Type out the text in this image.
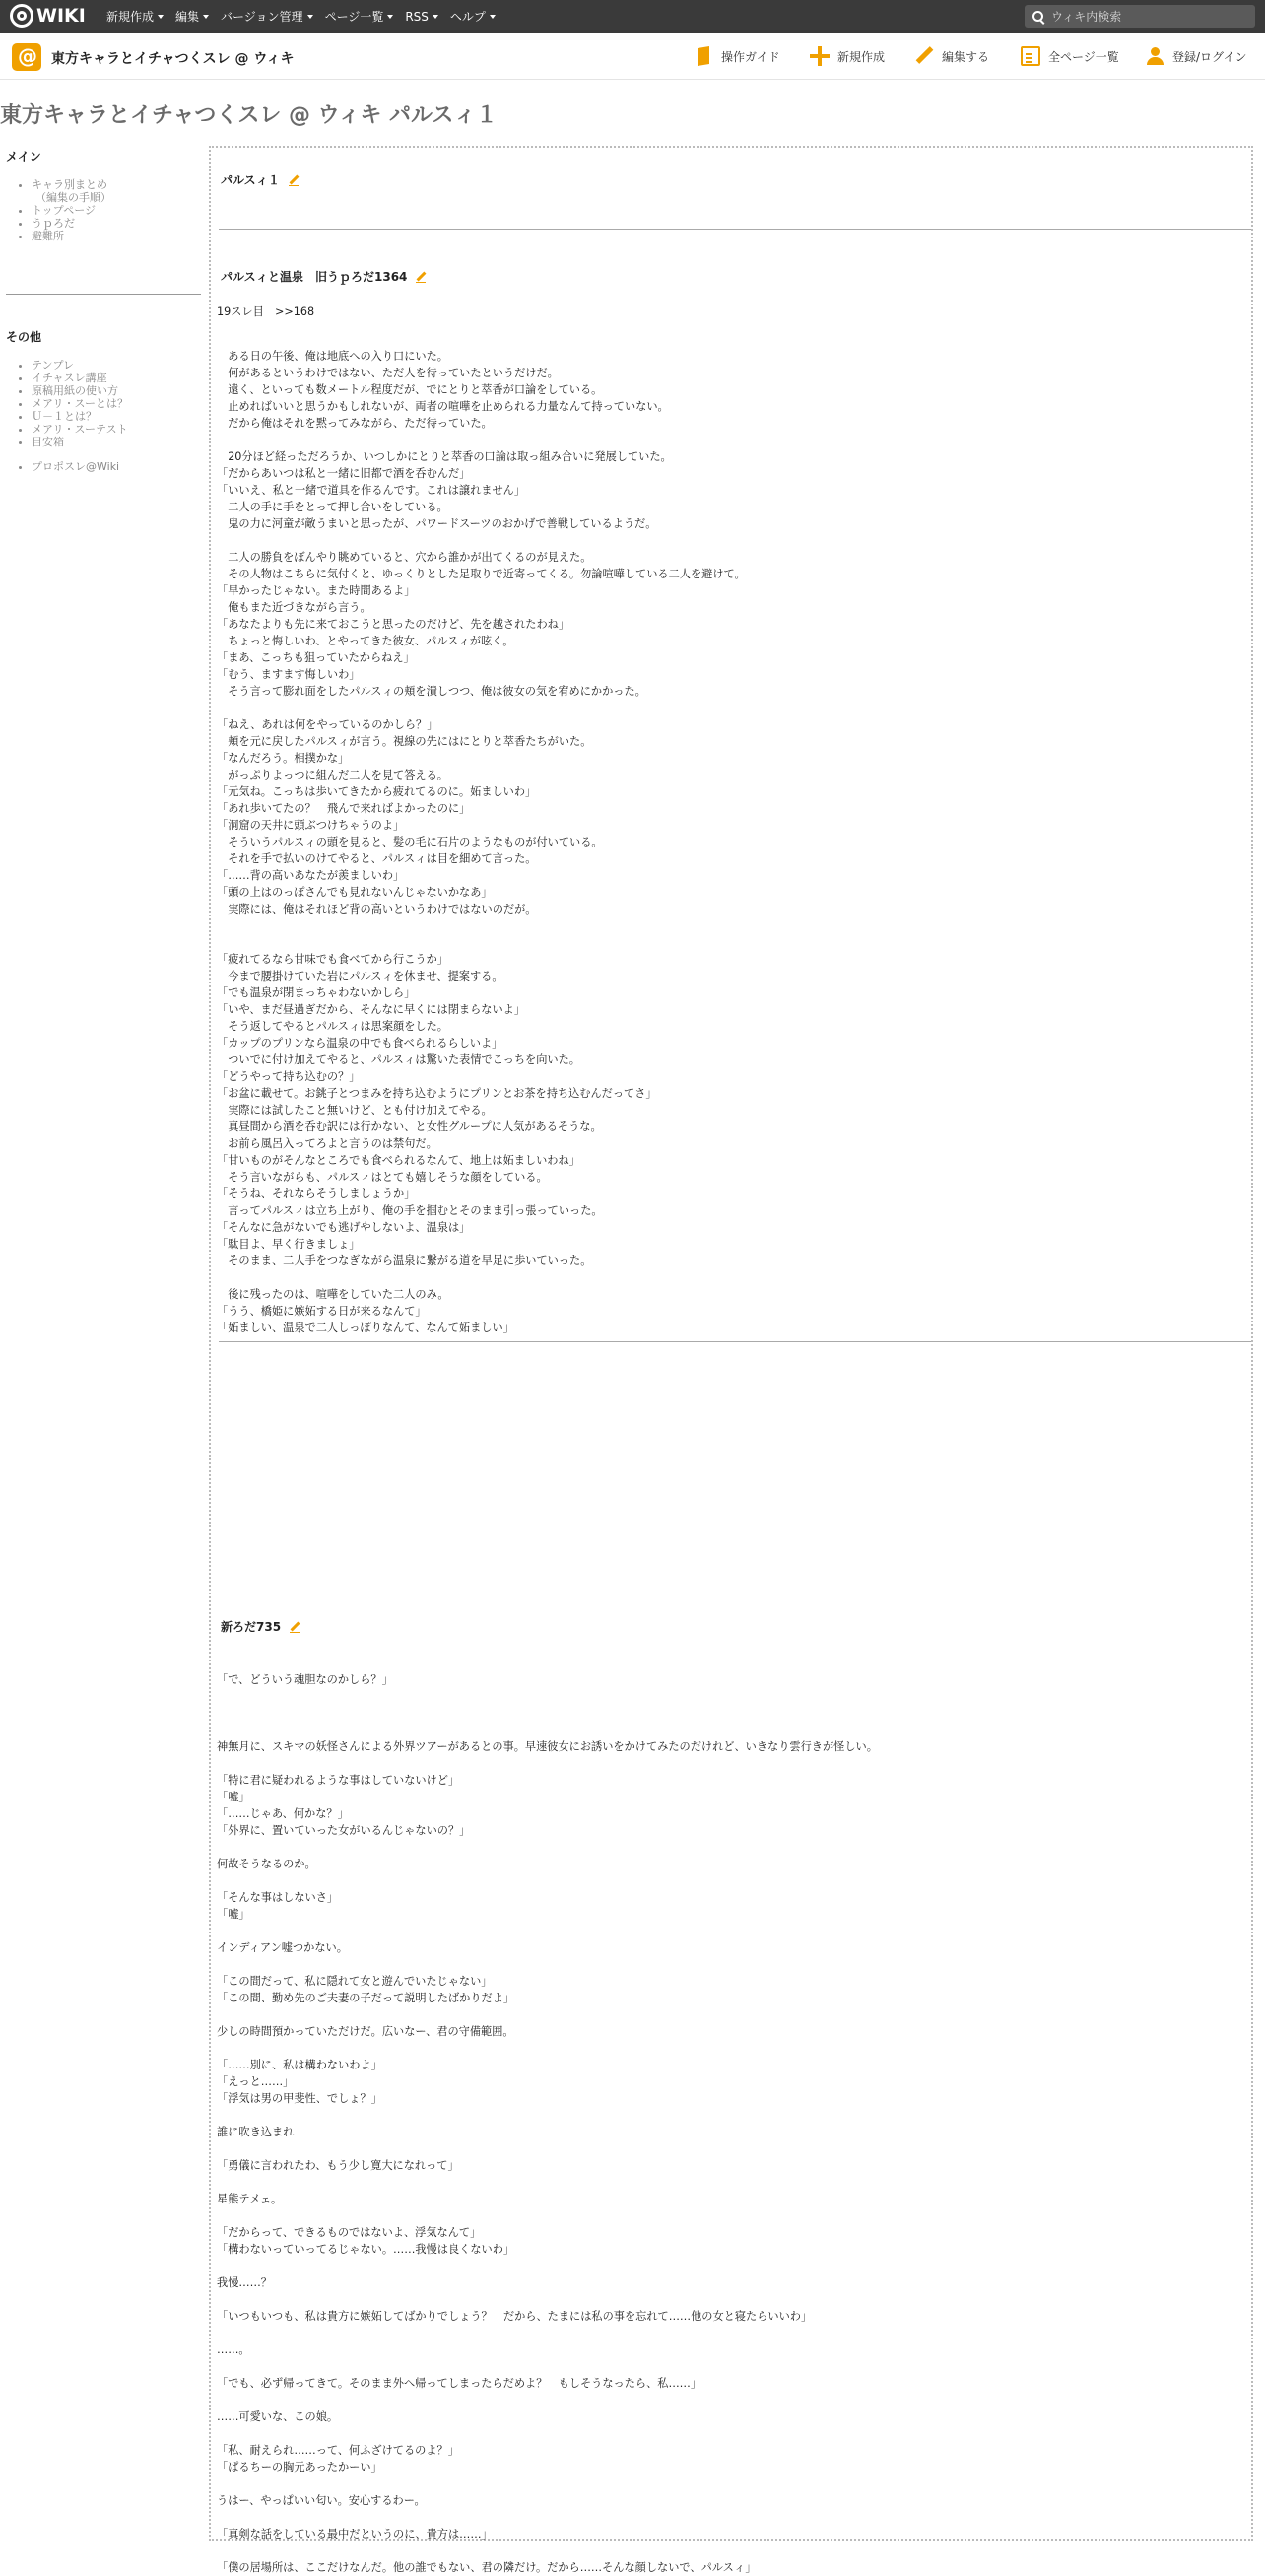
WIKI 新規作成 編集 バージョン管理 ページ一覧 RSS ヘルプ
ウィキ内検索
@
東方キャラとイチャつくスレ @ ウィキ	操作ガイド	新規作成	編集する	全ページ一覧	登録/ログイン
東方キャラとイチャつくスレ @ ウィキ パルスィ１
メイン
• キャラ別まとめ
（編集の手順）
• トップページ
• うｐろだ
• 避難所
その他
• テンプレ
• イチャスレ講座
• 原稿用紙の使い方
• メアリ・スーとは？
• Ｕ－１とは？
• メアリ・スーテスト
• 目安箱
• プロポスレ@Wiki
パルスィ１
パルスィと温泉　旧うｐろだ1364

19スレ目　>>168

　ある日の午後、俺は地底への入り口にいた。

　何があるというわけではない、ただ人を待っていたというだけだ。

　遠く、といっても数メートル程度だが、でにとりと萃香が口論をしている。

　止めればいいと思うかもしれないが、両者の喧嘩を止められる力量なんて持っていない。

　だから俺はそれを黙ってみながら、ただ待っていた。

　20分ほど経っただろうか、いつしかにとりと萃香の口論は取っ組み合いに発展していた。

「だからあいつは私と一緒に旧都で酒を呑むんだ」

「いいえ、私と一緒で道具を作るんです。これは譲れません」

　二人の手に手をとって押し合いをしている。

　鬼の力に河童が敵うまいと思ったが、パワードスーツのおかげで善戦しているようだ。

　二人の勝負をぼんやり眺めていると、穴から誰かが出てくるのが見えた。

　その人物はこちらに気付くと、ゆっくりとした足取りで近寄ってくる。勿論喧嘩している二人を避けて。

「早かったじゃない。また時間あるよ」

　俺もまた近づきながら言う。

「あなたよりも先に来ておこうと思ったのだけど、先を越されたわね」

　ちょっと悔しいわ、とやってきた彼女、パルスィが呟く。

「まあ、こっちも狙っていたからねえ」

「むう、ますます悔しいわ」

　そう言って膨れ面をしたパルスィの頬を潰しつつ、俺は彼女の気を宥めにかかった。

「ねえ、あれは何をやっているのかしら？」

　頬を元に戻したパルスィが言う。視線の先にはにとりと萃香たちがいた。

「なんだろう。相撲かな」

　がっぷりよっつに組んだ二人を見て答える。

「元気ね。こっちは歩いてきたから疲れてるのに。妬ましいわ」

「あれ歩いてたの？　飛んで来ればよかったのに」

「洞窟の天井に頭ぶつけちゃうのよ」

　そういうパルスィの頭を見ると、髪の毛に石片のようなものが付いている。

　それを手で払いのけてやると、パルスィは目を細めて言った。

「……背の高いあなたが羨ましいわ」

「頭の上はのっぽさんでも見れないんじゃないかなあ」

　実際には、俺はそれほど背の高いというわけではないのだが。

「疲れてるなら甘味でも食べてから行こうか」

　今まで腰掛けていた岩にパルスィを休ませ、提案する。

「でも温泉が閉まっちゃわないかしら」

「いや、まだ昼過ぎだから、そんなに早くには閉まらないよ」

　そう返してやるとパルスィは思案顔をした。

「カップのプリンなら温泉の中でも食べられるらしいよ」

　ついでに付け加えてやると、パルスィは驚いた表情でこっちを向いた。

「どうやって持ち込むの？」

「お盆に載せて。お銚子とつまみを持ち込むようにプリンとお茶を持ち込むんだってさ」

　実際には試したこと無いけど、とも付け加えてやる。

　真昼間から酒を呑む訳には行かない、と女性グループに人気があるそうな。

　お前ら風呂入ってろよと言うのは禁句だ。

「甘いものがそんなところでも食べられるなんて、地上は妬ましいわね」

　そう言いながらも、パルスィはとても嬉しそうな顔をしている。

「そうね、それならそうしましょうか」

　言ってパルスィは立ち上がり、俺の手を掴むとそのまま引っ張っていった。

「そんなに急がないでも逃げやしないよ、温泉は」

「駄目よ、早く行きましょ」

　そのまま、二人手をつなぎながら温泉に繋がる道を早足に歩いていった。

　後に残ったのは、喧嘩をしていた二人のみ。

「うう、橋姫に嫉妬する日が来るなんて」

「妬ましい、温泉で二人しっぽりなんて、なんて妬ましい」

新ろだ735

「で、どういう魂胆なのかしら？」

神無月に、スキマの妖怪さんによる外界ツアーがあるとの事。早速彼女にお誘いをかけてみたのだけれど、いきなり雲行きが怪しい。

「特に君に疑われるような事はしていないけど」

「嘘」

「……じゃあ、何かな？」

「外界に、置いていった女がいるんじゃないの？」

何故そうなるのか。

「そんな事はしないさ」

「嘘」

インディアン嘘つかない。

「この間だって、私に隠れて女と遊んでいたじゃない」

「この間、勤め先のご夫妻の子だって説明したばかりだよ」

少しの時間預かっていただけだ。広いなー、君の守備範囲。

「……別に、私は構わないわよ」

「えっと……」

「浮気は男の甲斐性、でしょ？」

誰に吹き込まれ

「勇儀に言われたわ、もう少し寛大になれって」

星熊テメェ。

「だからって、できるものではないよ、浮気なんて」

「構わないっていってるじゃない。……我慢は良くないわ」

我慢……？

「いつもいつも、私は貴方に嫉妬してばかりでしょう？　だから、たまには私の事を忘れて……他の女と寝たらいいわ」

……。

「でも、必ず帰ってきて。そのまま外へ帰ってしまったらだめよ？　もしそうなったら、私……」

……可愛いな、この娘。

「私、耐えられ……って、何ふざけてるのよ？」

「ぱるちーの胸元あったかーい」

うはー、やっぱいい匂い。安心するわー。

「真剣な話をしている最中だというのに、貴方は……」

「僕の居場所は、ここだけなんだ。他の誰でもない、君の隣だけ。だから……そんな顔しないで、パルスィ」
